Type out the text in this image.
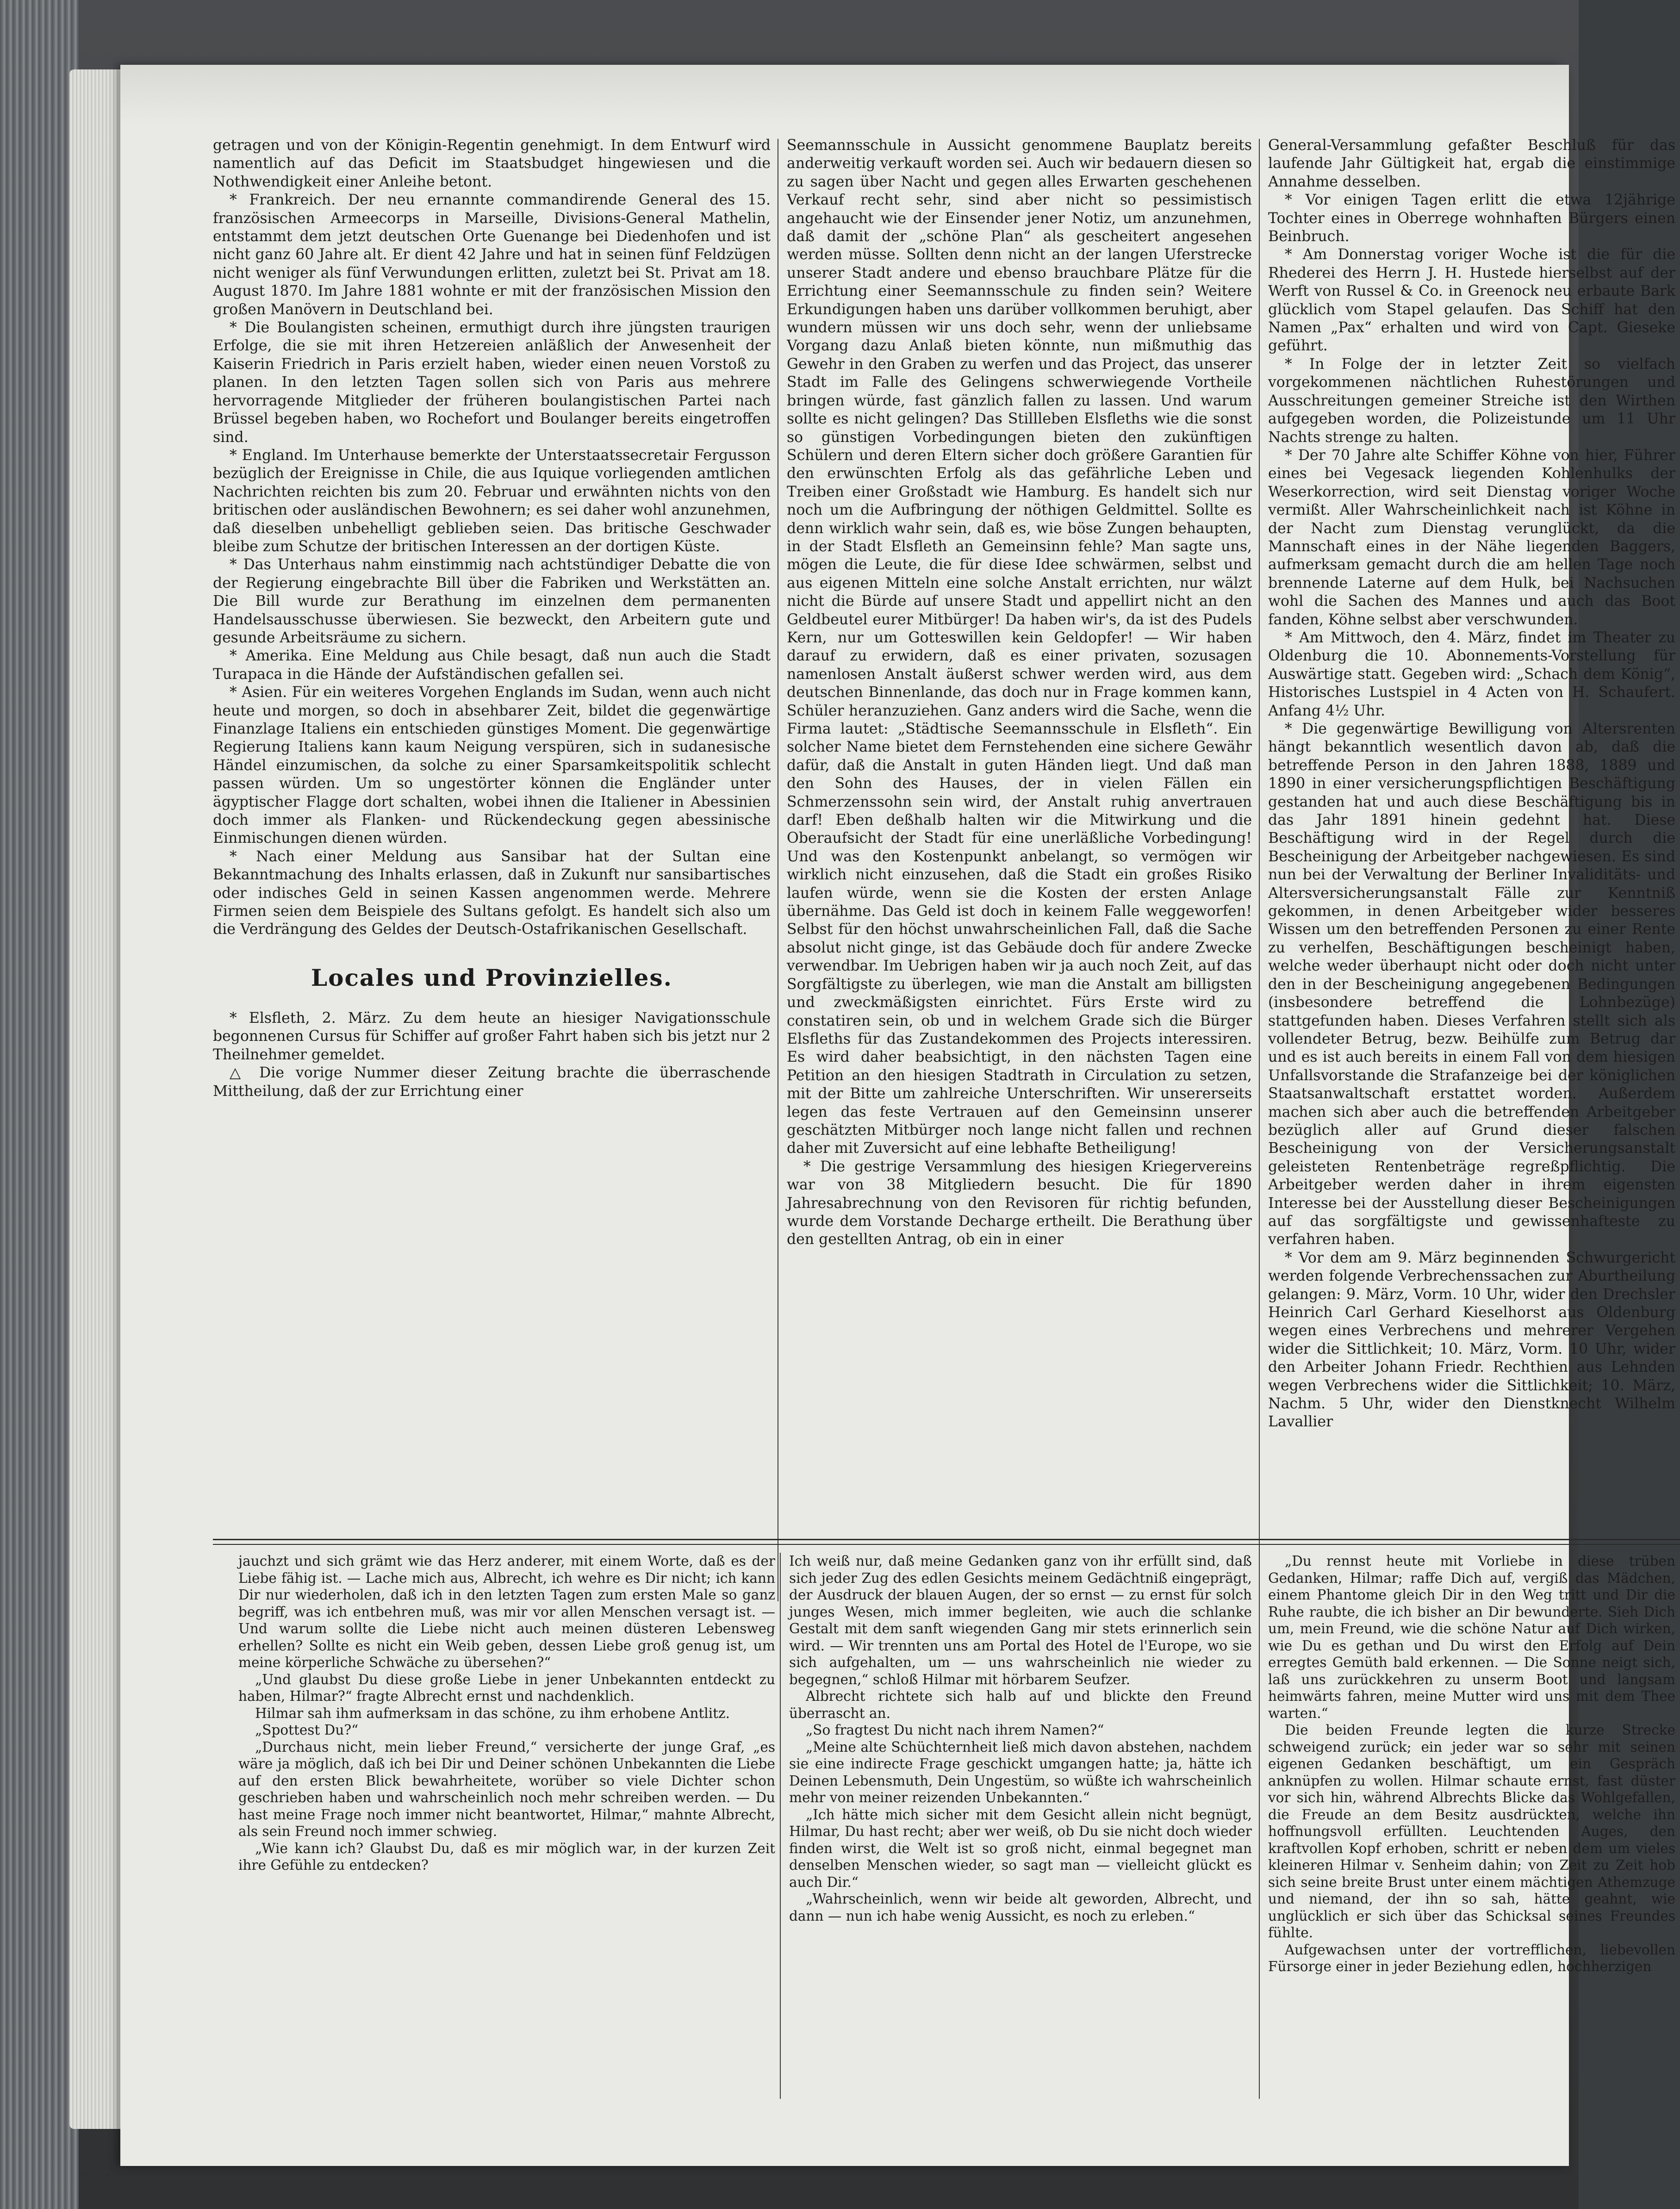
getragen und von der Königin-Regentin genehmigt. In dem Entwurf wird namentlich auf das Deficit im Staatsbudget hingewiesen und die Nothwendigkeit einer Anleihe betont.

* Frankreich. Der neu ernannte commandirende General des 15. französischen Armeecorps in Marseille, Divisions-General Mathelin, entstammt dem jetzt deutschen Orte Guenange bei Diedenhofen und ist nicht ganz 60 Jahre alt. Er dient 42 Jahre und hat in seinen fünf Feldzügen nicht weniger als fünf Verwundungen erlitten, zuletzt bei St. Privat am 18. August 1870. Im Jahre 1881 wohnte er mit der französischen Mission den großen Manövern in Deutschland bei.

* Die Boulangisten scheinen, ermuthigt durch ihre jüngsten traurigen Erfolge, die sie mit ihren Hetzereien anläßlich der Anwesenheit der Kaiserin Friedrich in Paris erzielt haben, wieder einen neuen Vorstoß zu planen. In den letzten Tagen sollen sich von Paris aus mehrere hervorragende Mitglieder der früheren boulangistischen Partei nach Brüssel begeben haben, wo Rochefort und Boulanger bereits eingetroffen sind.

* England. Im Unterhause bemerkte der Unterstaatssecretair Fergusson bezüglich der Ereignisse in Chile, die aus Iquique vorliegenden amtlichen Nachrichten reichten bis zum 20. Februar und erwähnten nichts von den britischen oder ausländischen Bewohnern; es sei daher wohl anzunehmen, daß dieselben unbehelligt geblieben seien. Das britische Geschwader bleibe zum Schutze der britischen Interessen an der dortigen Küste.

* Das Unterhaus nahm einstimmig nach achtstündiger Debatte die von der Regierung eingebrachte Bill über die Fabriken und Werkstätten an. Die Bill wurde zur Berathung im einzelnen dem permanenten Handelsausschusse überwiesen. Sie bezweckt, den Arbeitern gute und gesunde Arbeitsräume zu sichern.

* Amerika. Eine Meldung aus Chile besagt, daß nun auch die Stadt Turapaca in die Hände der Aufständischen gefallen sei.

* Asien. Für ein weiteres Vorgehen Englands im Sudan, wenn auch nicht heute und morgen, so doch in absehbarer Zeit, bildet die gegenwärtige Finanzlage Italiens ein entschieden günstiges Moment. Die gegenwärtige Regierung Italiens kann kaum Neigung verspüren, sich in sudanesische Händel einzumischen, da solche zu einer Sparsamkeitspolitik schlecht passen würden. Um so ungestörter können die Engländer unter ägyptischer Flagge dort schalten, wobei ihnen die Italiener in Abessinien doch immer als Flanken- und Rückendeckung gegen abessinische Einmischungen dienen würden.

* Nach einer Meldung aus Sansibar hat der Sultan eine Bekanntmachung des Inhalts erlassen, daß in Zukunft nur sansibartisches oder indisches Geld in seinen Kassen angenommen werde. Mehrere Firmen seien dem Beispiele des Sultans gefolgt. Es handelt sich also um die Verdrängung des Geldes der Deutsch-Ostafrikanischen Gesellschaft.

Locales und Provinzielles.

* Elsfleth, 2. März. Zu dem heute an hiesiger Navigationsschule begonnenen Cursus für Schiffer auf großer Fahrt haben sich bis jetzt nur 2 Theilnehmer gemeldet.

△ Die vorige Nummer dieser Zeitung brachte die überraschende Mittheilung, daß der zur Errichtung einer

Seemannsschule in Aussicht genommene Bauplatz bereits anderweitig verkauft worden sei. Auch wir bedauern diesen so zu sagen über Nacht und gegen alles Erwarten geschehenen Verkauf recht sehr, sind aber nicht so pessimistisch angehaucht wie der Einsender jener Notiz, um anzunehmen, daß damit der „schöne Plan“ als gescheitert angesehen werden müsse. Sollten denn nicht an der langen Uferstrecke unserer Stadt andere und ebenso brauchbare Plätze für die Errichtung einer Seemannsschule zu finden sein? Weitere Erkundigungen haben uns darüber vollkommen beruhigt, aber wundern müssen wir uns doch sehr, wenn der unliebsame Vorgang dazu Anlaß bieten könnte, nun mißmuthig das Gewehr in den Graben zu werfen und das Project, das unserer Stadt im Falle des Gelingens schwerwiegende Vortheile bringen würde, fast gänzlich fallen zu lassen. Und warum sollte es nicht gelingen? Das Stillleben Elsfleths wie die sonst so günstigen Vorbedingungen bieten den zukünftigen Schülern und deren Eltern sicher doch größere Garantien für den erwünschten Erfolg als das gefährliche Leben und Treiben einer Großstadt wie Hamburg. Es handelt sich nur noch um die Aufbringung der nöthigen Geldmittel. Sollte es denn wirklich wahr sein, daß es, wie böse Zungen behaupten, in der Stadt Elsfleth an Gemeinsinn fehle? Man sagte uns, mögen die Leute, die für diese Idee schwärmen, selbst und aus eigenen Mitteln eine solche Anstalt errichten, nur wälzt nicht die Bürde auf unsere Stadt und appellirt nicht an den Geldbeutel eurer Mitbürger! Da haben wir's, da ist des Pudels Kern, nur um Gotteswillen kein Geldopfer! — Wir haben darauf zu erwidern, daß es einer privaten, sozusagen namenlosen Anstalt äußerst schwer werden wird, aus dem deutschen Binnenlande, das doch nur in Frage kommen kann, Schüler heranzuziehen. Ganz anders wird die Sache, wenn die Firma lautet: „Städtische Seemannsschule in Elsfleth“. Ein solcher Name bietet dem Fernstehenden eine sichere Gewähr dafür, daß die Anstalt in guten Händen liegt. Und daß man den Sohn des Hauses, der in vielen Fällen ein Schmerzenssohn sein wird, der Anstalt ruhig anvertrauen darf! Eben deßhalb halten wir die Mitwirkung und die Oberaufsicht der Stadt für eine unerläßliche Vorbedingung! Und was den Kostenpunkt anbelangt, so vermögen wir wirklich nicht einzusehen, daß die Stadt ein großes Risiko laufen würde, wenn sie die Kosten der ersten Anlage übernähme. Das Geld ist doch in keinem Falle weggeworfen! Selbst für den höchst unwahrscheinlichen Fall, daß die Sache absolut nicht ginge, ist das Gebäude doch für andere Zwecke verwendbar. Im Uebrigen haben wir ja auch noch Zeit, auf das Sorgfältigste zu überlegen, wie man die Anstalt am billigsten und zweckmäßigsten einrichtet. Fürs Erste wird zu constatiren sein, ob und in welchem Grade sich die Bürger Elsfleths für das Zustandekommen des Projects interessiren. Es wird daher beabsichtigt, in den nächsten Tagen eine Petition an den hiesigen Stadtrath in Circulation zu setzen, mit der Bitte um zahlreiche Unterschriften. Wir unsererseits legen das feste Vertrauen auf den Gemeinsinn unserer geschätzten Mitbürger noch lange nicht fallen und rechnen daher mit Zuversicht auf eine lebhafte Betheiligung!

* Die gestrige Versammlung des hiesigen Kriegervereins war von 38 Mitgliedern besucht. Die für 1890 Jahresabrechnung von den Revisoren für richtig befunden, wurde dem Vorstande Decharge ertheilt. Die Berathung über den gestellten Antrag, ob ein in einer

General-Versammlung gefaßter Beschluß für das laufende Jahr Gültigkeit hat, ergab die einstimmige Annahme desselben.

* Vor einigen Tagen erlitt die etwa 12jährige Tochter eines in Oberrege wohnhaften Bürgers einen Beinbruch.

* Am Donnerstag voriger Woche ist die für die Rhederei des Herrn J. H. Hustede hierselbst auf der Werft von Russel & Co. in Greenock neu erbaute Bark glücklich vom Stapel gelaufen. Das Schiff hat den Namen „Pax“ erhalten und wird von Capt. Gieseke geführt.

* In Folge der in letzter Zeit so vielfach vorgekommenen nächtlichen Ruhestörungen und Ausschreitungen gemeiner Streiche ist den Wirthen aufgegeben worden, die Polizeistunde um 11 Uhr Nachts strenge zu halten.

* Der 70 Jahre alte Schiffer Köhne von hier, Führer eines bei Vegesack liegenden Kohlenhulks der Weserkorrection, wird seit Dienstag voriger Woche vermißt. Aller Wahrscheinlichkeit nach ist Köhne in der Nacht zum Dienstag verunglückt, da die Mannschaft eines in der Nähe liegenden Baggers, aufmerksam gemacht durch die am hellen Tage noch brennende Laterne auf dem Hulk, bei Nachsuchen wohl die Sachen des Mannes und auch das Boot fanden, Köhne selbst aber verschwunden.

* Am Mittwoch, den 4. März, findet im Theater zu Oldenburg die 10. Abonnements-Vorstellung für Auswärtige statt. Gegeben wird: „Schach dem König“, Historisches Lustspiel in 4 Acten von H. Schaufert. Anfang 4½ Uhr.

* Die gegenwärtige Bewilligung von Altersrenten hängt bekanntlich wesentlich davon ab, daß die betreffende Person in den Jahren 1888, 1889 und 1890 in einer versicherungspflichtigen Beschäftigung gestanden hat und auch diese Beschäftigung bis in das Jahr 1891 hinein gedehnt hat. Diese Beschäftigung wird in der Regel durch die Bescheinigung der Arbeitgeber nachgewiesen. Es sind nun bei der Verwaltung der Berliner Invaliditäts- und Altersversicherungsanstalt Fälle zur Kenntniß gekommen, in denen Arbeitgeber wider besseres Wissen um den betreffenden Personen zu einer Rente zu verhelfen, Beschäftigungen bescheinigt haben, welche weder überhaupt nicht oder doch nicht unter den in der Bescheinigung angegebenen Bedingungen (insbesondere betreffend die Lohnbezüge) stattgefunden haben. Dieses Verfahren stellt sich als vollendeter Betrug, bezw. Beihülfe zum Betrug dar und es ist auch bereits in einem Fall von dem hiesigen Unfallsvorstande die Strafanzeige bei der königlichen Staatsanwaltschaft erstattet worden. Außerdem machen sich aber auch die betreffenden Arbeitgeber bezüglich aller auf Grund dieser falschen Bescheinigung von der Versicherungsanstalt geleisteten Rentenbeträge regreßpflichtig. Die Arbeitgeber werden daher in ihrem eigensten Interesse bei der Ausstellung dieser Bescheinigungen auf das sorgfältigste und gewissenhafteste zu verfahren haben.

* Vor dem am 9. März beginnenden Schwurgericht werden folgende Verbrechenssachen zur Aburtheilung gelangen: 9. März, Vorm. 10 Uhr, wider den Drechsler Heinrich Carl Gerhard Kieselhorst aus Oldenburg wegen eines Verbrechens und mehrerer Vergehen wider die Sittlichkeit; 10. März, Vorm. 10 Uhr, wider den Arbeiter Johann Friedr. Rechthien aus Lehnden wegen Verbrechens wider die Sittlichkeit; 10. März, Nachm. 5 Uhr, wider den Dienstknecht Wilhelm Lavallier

jauchzt und sich grämt wie das Herz anderer, mit einem Worte, daß es der Liebe fähig ist. — Lache mich aus, Albrecht, ich wehre es Dir nicht; ich kann Dir nur wiederholen, daß ich in den letzten Tagen zum ersten Male so ganz begriff, was ich entbehren muß, was mir vor allen Menschen versagt ist. — Und warum sollte die Liebe nicht auch meinen düsteren Lebensweg erhellen? Sollte es nicht ein Weib geben, dessen Liebe groß genug ist, um meine körperliche Schwäche zu übersehen?“

„Und glaubst Du diese große Liebe in jener Unbekannten entdeckt zu haben, Hilmar?“ fragte Albrecht ernst und nachdenklich.

Hilmar sah ihm aufmerksam in das schöne, zu ihm erhobene Antlitz.

„Spottest Du?“

„Durchaus nicht, mein lieber Freund,“ versicherte der junge Graf, „es wäre ja möglich, daß ich bei Dir und Deiner schönen Unbekannten die Liebe auf den ersten Blick bewahrheitete, worüber so viele Dichter schon geschrieben haben und wahrscheinlich noch mehr schreiben werden. — Du hast meine Frage noch immer nicht beantwortet, Hilmar,“ mahnte Albrecht, als sein Freund noch immer schwieg.

„Wie kann ich? Glaubst Du, daß es mir möglich war, in der kurzen Zeit ihre Gefühle zu entdecken?

Ich weiß nur, daß meine Gedanken ganz von ihr erfüllt sind, daß sich jeder Zug des edlen Gesichts meinem Gedächtniß eingeprägt, der Ausdruck der blauen Augen, der so ernst — zu ernst für solch junges Wesen, mich immer begleiten, wie auch die schlanke Gestalt mit dem sanft wiegenden Gang mir stets erinnerlich sein wird. — Wir trennten uns am Portal des Hotel de l'Europe, wo sie sich aufgehalten, um — uns wahrscheinlich nie wieder zu begegnen,“ schloß Hilmar mit hörbarem Seufzer.

Albrecht richtete sich halb auf und blickte den Freund überrascht an.

„So fragtest Du nicht nach ihrem Namen?“

„Meine alte Schüchternheit ließ mich davon abstehen, nachdem sie eine indirecte Frage geschickt umgangen hatte; ja, hätte ich Deinen Lebensmuth, Dein Ungestüm, so wüßte ich wahrscheinlich mehr von meiner reizenden Unbekannten.“

„Ich hätte mich sicher mit dem Gesicht allein nicht begnügt, Hilmar, Du hast recht; aber wer weiß, ob Du sie nicht doch wieder finden wirst, die Welt ist so groß nicht, einmal begegnet man denselben Menschen wieder, so sagt man — vielleicht glückt es auch Dir.“

„Wahrscheinlich, wenn wir beide alt geworden, Albrecht, und dann — nun ich habe wenig Aussicht, es noch zu erleben.“

„Du rennst heute mit Vorliebe in diese trüben Gedanken, Hilmar; raffe Dich auf, vergiß das Mädchen, einem Phantome gleich Dir in den Weg tritt und Dir die Ruhe raubte, die ich bisher an Dir bewunderte. Sieh Dich um, mein Freund, wie die schöne Natur auf Dich wirken, wie Du es gethan und Du wirst den Erfolg auf Dein erregtes Gemüth bald erkennen. — Die Sonne neigt sich, laß uns zurückkehren zu unserm Boot und langsam heimwärts fahren, meine Mutter wird uns mit dem Thee warten.“

Die beiden Freunde legten die kurze Strecke schweigend zurück; ein jeder war so sehr mit seinen eigenen Gedanken beschäftigt, um ein Gespräch anknüpfen zu wollen. Hilmar schaute ernst, fast düster vor sich hin, während Albrechts Blicke das Wohlgefallen, die Freude an dem Besitz ausdrückten, welche ihn hoffnungsvoll erfüllten. Leuchtenden Auges, den kraftvollen Kopf erhoben, schritt er neben dem um vieles kleineren Hilmar v. Senheim dahin; von Zeit zu Zeit hob sich seine breite Brust unter einem mächtigen Athemzuge und niemand, der ihn so sah, hätte geahnt, wie unglücklich er sich über das Schicksal seines Freundes fühlte.

Aufgewachsen unter der vortrefflichen, liebevollen Fürsorge einer in jeder Beziehung edlen, hochherzigen
